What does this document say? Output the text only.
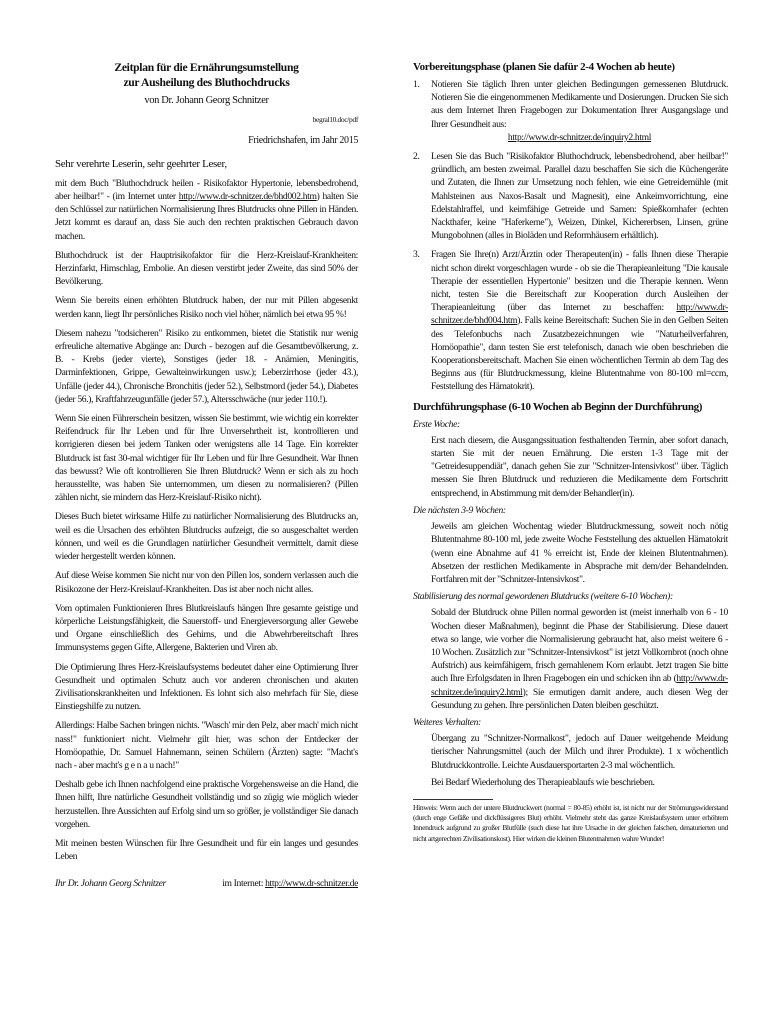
Zeitplan für die Ernährungsumstellung
zur Ausheilung des Bluthochdrucks
von Dr. Johann Georg Schnitzer
begral10.doc/pdf
Friedrichshafen, im Jahr 2015
Sehr verehrte Leserin, sehr geehrter Leser,

mit dem Buch "Bluthochdruck heilen - Risikofaktor Hypertonie, lebensbedrohend, aber heilbar!" - (im Internet unter http://www.dr-schnitzer.de/bhd002.htm) halten Sie den Schlüssel zur natürlichen Normalisierung Ihres Blutdrucks ohne Pillen in Händen. Jetzt kommt es darauf an, dass Sie auch den rechten praktischen Gebrauch davon machen.

Bluthochdruck ist der Hauptrisikofaktor für die Herz-Kreislauf-Krankheiten: Herzinfarkt, Himschlag, Embolie. An diesen verstirbt jeder Zweite, das sind 50% der Bevölkerung.

Wenn Sie bereits einen erhöhten Blutdruck haben, der nur mit Pillen abgesenkt werden kann, liegt Ihr persönliches Risiko noch viel höher, nämlich bei etwa 95 %!

Diesem nahezu "todsicheren" Risiko zu entkommen, bietet die Statistik nur wenig erfreuliche alternative Abgänge an: Durch - bezogen auf die Gesamtbevölkerung, z. B. - Krebs (jeder vierte), Sonstiges (jeder 18. - Anämien, Meningitis, Darminfektionen, Grippe, Gewalteinwirkungen usw.); Leberzirrhose (jeder 43.), Unfälle (jeder 44.), Chronische Bronchitis (jeder 52.), Selbstmord (jeder 54.), Diabetes (jeder 56.), Kraftfahrzeugunfälle (jeder 57.), Altersschwäche (nur jeder 110.!).

Wenn Sie einen Führerschein besitzen, wissen Sie bestimmt, wie wichtig ein korrekter Reifendruck für Ihr Leben und für Ihre Unversehrtheit ist, kontrollieren und korrigieren diesen bei jedem Tanken oder wenigstens alle 14 Tage. Ein korrekter Blutdruck ist fast 30-mal wichtiger für Ihr Leben und für Ihre Gesundheit. War Ihnen das bewusst? Wie oft kontrollieren Sie Ihren Blutdruck? Wenn er sich als zu hoch herausstellte, was haben Sie unternommen, um diesen zu normalisieren? (Pillen zählen nicht, sie mindern das Herz-Kreislauf-Risiko nicht).

Dieses Buch bietet wirksame Hilfe zu natürlicher Normalisierung des Blutdrucks an, weil es die Ursachen des erhöhten Blutdrucks aufzeigt, die so ausgeschaltet werden können, und weil es die Grundlagen natürlicher Gesundheit vermittelt, damit diese wieder hergestellt werden können.

Auf diese Weise kommen Sie nicht nur von den Pillen los, sondern verlassen auch die Risikozone der Herz-Kreislauf-Krankheiten. Das ist aber noch nicht alles.

Vom optimalen Funktionieren Ihres Blutkreislaufs hängen Ihre gesamte geistige und körperliche Leistungsfähigkeit, die Sauerstoff- und Energieversorgung aller Gewebe und Organe einschließlich des Gehirns, und die Abwehrbereitschaft Ihres Immunsystems gegen Gifte, Allergene, Bakterien und Viren ab.

Die Optimierung Ihres Herz-Kreislaufsystems bedeutet daher eine Optimierung Ihrer Gesundheit und optimalen Schutz auch vor anderen chronischen und akuten Zivilisationskrankheiten und Infektionen. Es lohnt sich also mehrfach für Sie, diese Einstiegshilfe zu nutzen.

Allerdings: Halbe Sachen bringen nichts. "Wasch' mir den Pelz, aber mach' mich nicht nass!" funktioniert nicht. Vielmehr gilt hier, was schon der Entdecker der Homöopathie, Dr. Samuel Hahnemann, seinen Schülern (Ärzten) sagte: "Macht's nach - aber macht's g e n a u nach!"

Deshalb gebe ich Ihnen nachfolgend eine praktische Vorgehensweise an die Hand, die Ihnen hilft, Ihre natürliche Gesundheit vollständig und so zügig wie möglich wieder herzustellen. Ihre Aussichten auf Erfolg sind um so größer, je vollständiger Sie danach vorgehen.

Mit meinen besten Wünschen für Ihre Gesundheit und für ein langes und gesundes Leben

Ihr Dr. Johann Georg Schnitzer	im Internet: http://www.dr-schnitzer.de
Vorbereitungsphase (planen Sie dafür 2-4 Wochen ab heute)
1. Notieren Sie täglich Ihren unter gleichen Bedingungen gemessenen Blutdruck. Notieren Sie die eingenommenen Medikamente und Dosierungen. Drucken Sie sich aus dem Internet Ihren Fragebogen zur Dokumentation Ihrer Ausgangslage und Ihrer Gesundheit aus:
http://www.dr-schnitzer.de/inquiry2.html
2. Lesen Sie das Buch "Risikofaktor Bluthochdruck, lebensbedrohend, aber heilbar!" gründlich, am besten zweimal. Parallel dazu beschaffen Sie sich die Küchengeräte und Zutaten, die Ihnen zur Umsetzung noch fehlen, wie eine Getreidemühle (mit Mahlsteinen aus Naxos-Basalt und Magnesit), eine Ankeimvorrichtung, eine Edelstahlraffel, und keimfähige Getreide und Samen: Spießkornhafer (echten Nackthafer, keine "Haferkerne"), Weizen, Dinkel, Kichererbsen, Linsen, grüne Mungobohnen (alles in Bioläden und Reformhäusern erhältlich).
3. Fragen Sie Ihre(n) Arzt/Ärztin oder Therapeuten(in) - falls Ihnen diese Therapie nicht schon direkt vorgeschlagen wurde - ob sie die Therapieanleitung "Die kausale Therapie der essentiellen Hypertonie" besitzen und die Therapie kennen. Wenn nicht, testen Sie die Bereitschaft zur Kooperation durch Ausleihen der Therapieanleitung (über das Internet zu beschaffen: http://www.dr-schnitzer.de/bhd004.htm). Falls keine Bereitschaft: Suchen Sie in den Gelben Seiten des Telefonbuchs nach Zusatzbezeichnungen wie "Naturheilverfahren, Homöopathie", dann testen Sie erst telefonisch, danach wie oben beschrieben die Kooperationsbereitschaft. Machen Sie einen wöchentlichen Termin ab dem Tag des Beginns aus (für Blutdruckmessung, kleine Blutentnahme von 80-100 ml=ccm, Feststellung des Hämatokrit).
Durchführungsphase (6-10 Wochen ab Beginn der Durchführung)
Erste Woche:
Erst nach diesem, die Ausgangssituation festhaltenden Termin, aber sofort danach, starten Sie mit der neuen Ernährung. Die ersten 1-3 Tage mit der "Getreidesuppendiät", danach gehen Sie zur "Schnitzer-Intensivkost" über. Täglich messen Sie Ihren Blutdruck und reduzieren die Medikamente dem Fortschritt entsprechend, in Abstimmung mit dem/der Behandler(in).
Die nächsten 3-9 Wochen:
Jeweils am gleichen Wochentag wieder Blutdruckmessung, soweit noch nötig Blutentnahme 80-100 ml, jede zweite Woche Feststellung des aktuellen Hämatokrit (wenn eine Abnahme auf 41 % erreicht ist, Ende der kleinen Blutentnahmen). Absetzen der restlichen Medikamente in Absprache mit dem/der Behandelnden. Fortfahren mit der "Schnitzer-Intensivkost".
Stabilisierung des normal gewordenen Blutdrucks (weitere 6-10 Wochen):
Sobald der Blutdruck ohne Pillen normal geworden ist (meist innerhalb von 6 - 10 Wochen dieser Maßnahmen), beginnt die Phase der Stabilisierung. Diese dauert etwa so lange, wie vorher die Normalisierung gebraucht hat, also meist weitere 6 - 10 Wochen. Zusätzlich zur "Schnitzer-Intensivkost" ist jetzt Vollkornbrot (noch ohne Aufstrich) aus keimfähigem, frisch gemahlenem Korn erlaubt. Jetzt tragen Sie bitte auch Ihre Erfolgsdaten in Ihren Fragebogen ein und schicken ihn ab (http://www.dr-schnitzer.de/inquiry2.html); Sie ermutigen damit andere, auch diesen Weg der Gesundung zu gehen. Ihre persönlichen Daten bleiben geschützt.
Weiteres Verhalten:
Übergang zu "Schnitzer-Normalkost", jedoch auf Dauer weitgehende Meidung tierischer Nahrungsmittel (auch der Milch und ihrer Produkte). 1 x wöchentlich Blutdruckkontrolle. Leichte Ausdauersportarten 2-3 mal wöchentlich.
Bei Bedarf Wiederholung des Therapieablaufs wie beschrieben.
Hinweis: Wenn auch der untere Blutdruckwert (normal = 80-85) erhöht ist, ist nicht nur der Strömungswiderstand (durch enge Gefäße und dickflüssigeres Blut) erhöht. Vielmehr steht das ganze Kreislaufsystem unter erhöhtem Innendruck aufgrund zu großer Blutfülle (such diese hat ihre Ursache in der gleichen falschen, denaturierten und nicht artgerechten Zivilisationskost). Hier wirken die kleinen Blutentnahmen wahre Wunder!
